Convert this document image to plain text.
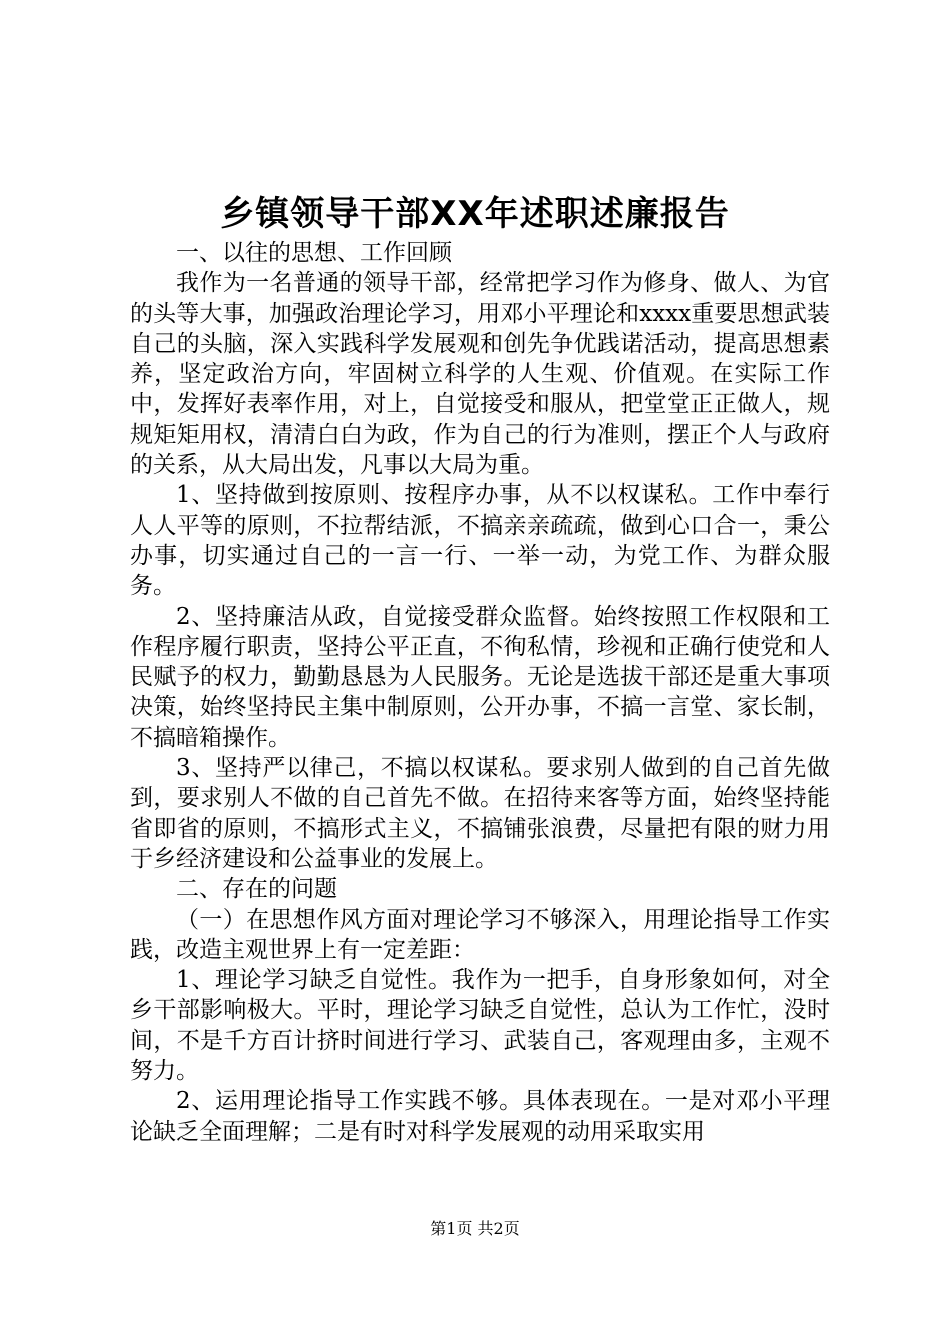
乡镇领导干部XX年述职述廉报告

一、以往的思想、工作回顾

我作为一名普通的领导干部，经常把学习作为修身、做人、为官的头等大事，加强政治理论学习，用邓小平理论和xxxx重要思想武装自己的头脑，深入实践科学发展观和创先争优践诺活动，提高思想素养，坚定政治方向，牢固树立科学的人生观、价值观。在实际工作中，发挥好表率作用，对上，自觉接受和服从，把堂堂正正做人，规规矩矩用权，清清白白为政，作为自己的行为准则，摆正个人与政府的关系，从大局出发，凡事以大局为重。

1、坚持做到按原则、按程序办事，从不以权谋私。工作中奉行人人平等的原则，不拉帮结派，不搞亲亲疏疏，做到心口合一，秉公办事，切实通过自己的一言一行、一举一动，为党工作、为群众服务。

2、坚持廉洁从政，自觉接受群众监督。始终按照工作权限和工作程序履行职责，坚持公平正直，不徇私情，珍视和正确行使党和人民赋予的权力，勤勤恳恳为人民服务。无论是选拔干部还是重大事项决策，始终坚持民主集中制原则，公开办事，不搞一言堂、家长制，不搞暗箱操作。

3、坚持严以律己，不搞以权谋私。要求别人做到的自己首先做到，要求别人不做的自己首先不做。在招待来客等方面，始终坚持能省即省的原则，不搞形式主义，不搞铺张浪费，尽量把有限的财力用于乡经济建设和公益事业的发展上。

二、存在的问题

（一）在思想作风方面对理论学习不够深入，用理论指导工作实践，改造主观世界上有一定差距：

1、理论学习缺乏自觉性。我作为一把手，自身形象如何，对全乡干部影响极大。平时，理论学习缺乏自觉性，总认为工作忙，没时间，不是千方百计挤时间进行学习、武装自己，客观理由多，主观不努力。

2、运用理论指导工作实践不够。具体表现在。一是对邓小平理论缺乏全面理解；二是有时对科学发展观的动用采取实用

第1页 共2页
